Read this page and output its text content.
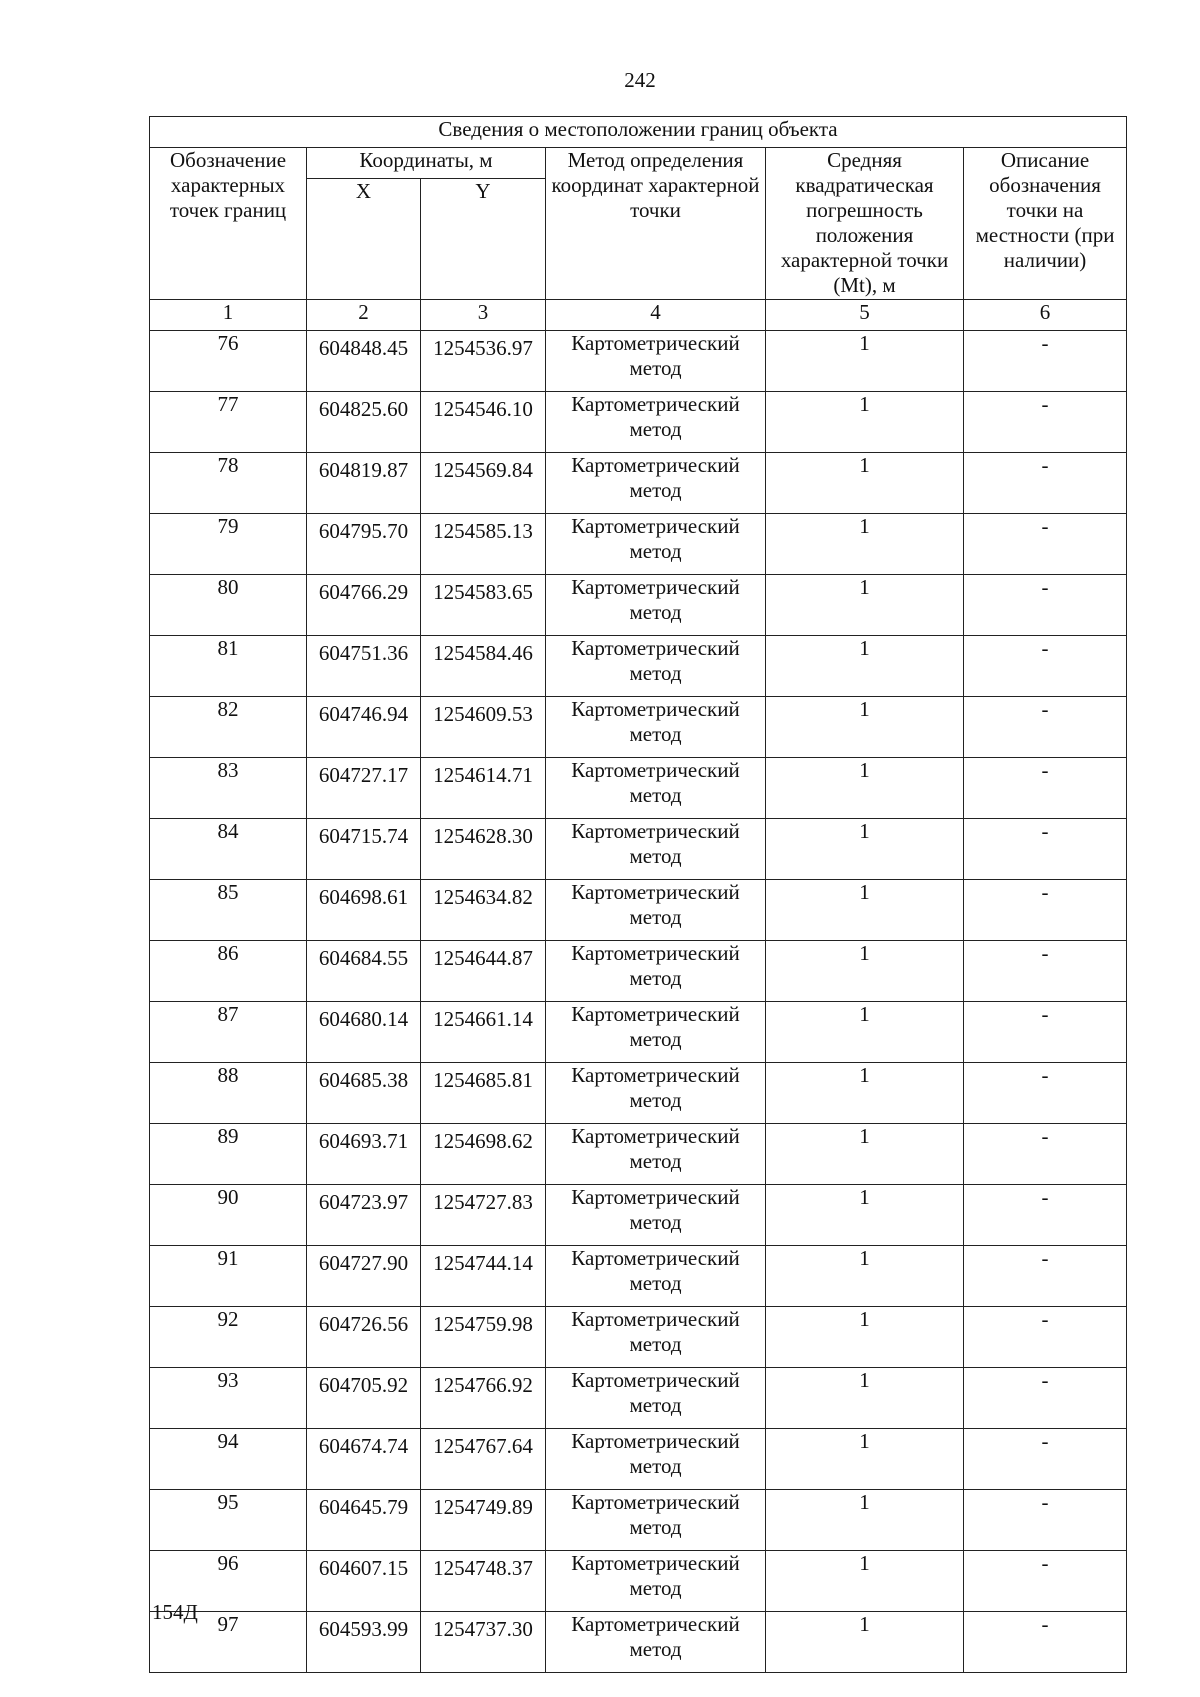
242
Сведения о местоположении границ объекта					
Обозначение характерных точек границ	Координаты, м		Метод определения координат характерной точки	Средняя квадратическая погрешность положения характерной точки (Mt), м	Описание обозначения точки на местности (при наличии)
	X	Y			
1	2	3	4	5	6
76	604848.45	1254536.97	Картометрический метод	1	-
77	604825.60	1254546.10	Картометрический метод	1	-
78	604819.87	1254569.84	Картометрический метод	1	-
79	604795.70	1254585.13	Картометрический метод	1	-
80	604766.29	1254583.65	Картометрический метод	1	-
81	604751.36	1254584.46	Картометрический метод	1	-
82	604746.94	1254609.53	Картометрический метод	1	-
83	604727.17	1254614.71	Картометрический метод	1	-
84	604715.74	1254628.30	Картометрический метод	1	-
85	604698.61	1254634.82	Картометрический метод	1	-
86	604684.55	1254644.87	Картометрический метод	1	-
87	604680.14	1254661.14	Картометрический метод	1	-
88	604685.38	1254685.81	Картометрический метод	1	-
89	604693.71	1254698.62	Картометрический метод	1	-
90	604723.97	1254727.83	Картометрический метод	1	-
91	604727.90	1254744.14	Картометрический метод	1	-
92	604726.56	1254759.98	Картометрический метод	1	-
93	604705.92	1254766.92	Картометрический метод	1	-
94	604674.74	1254767.64	Картометрический метод	1	-
95	604645.79	1254749.89	Картометрический метод	1	-
96	604607.15	1254748.37	Картометрический метод	1	-
97	604593.99	1254737.30	Картометрический метод	1	-
154Д
